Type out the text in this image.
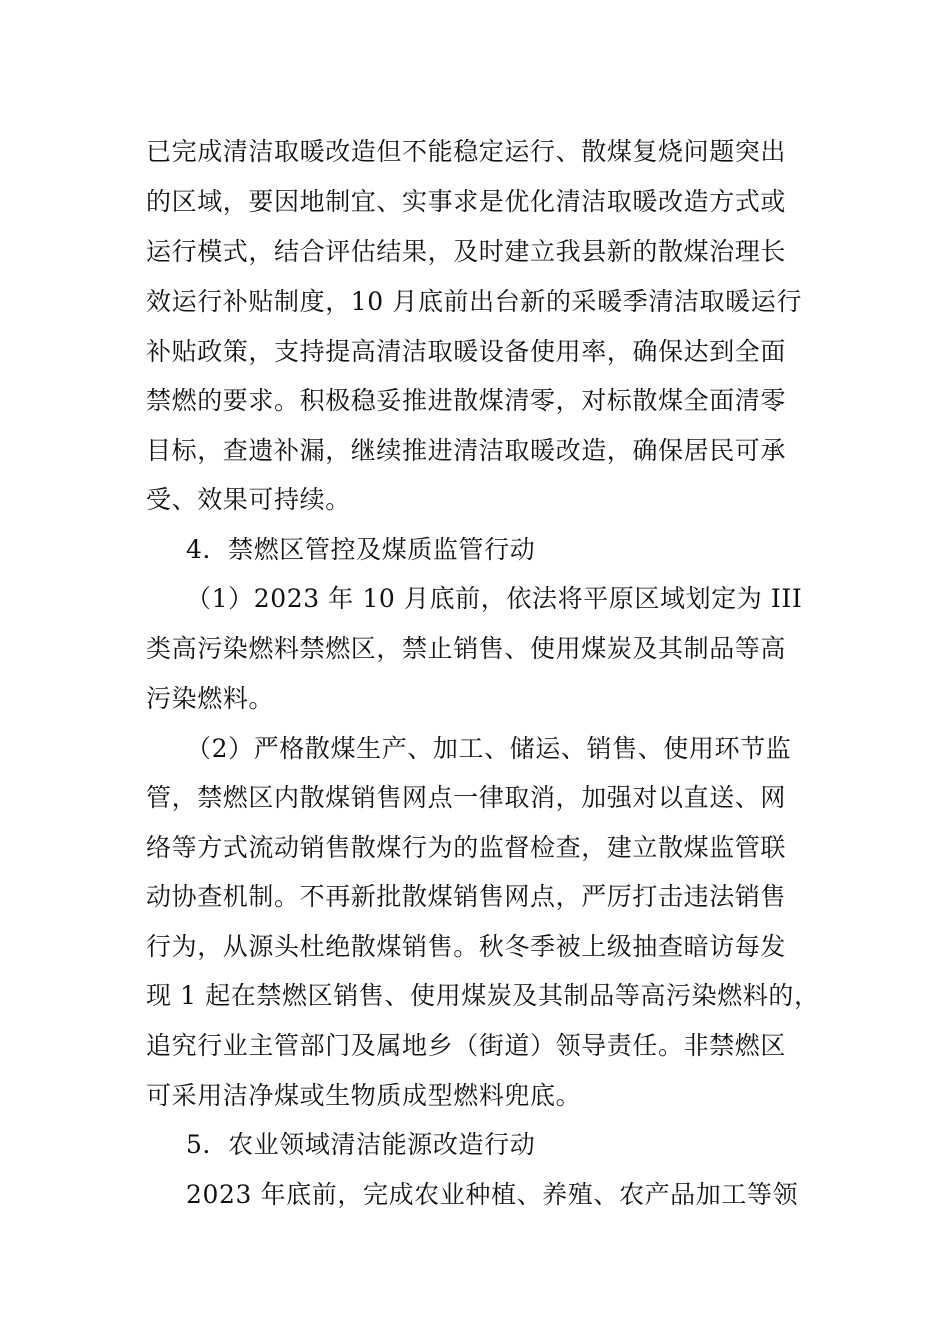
已完成清洁取暖改造但不能稳定运行、散煤复烧问题突出
的区域，要因地制宜、实事求是优化清洁取暖改造方式或
运行模式，结合评估结果，及时建立我县新的散煤治理长
效运行补贴制度，10 月底前出台新的采暖季清洁取暖运行
补贴政策，支持提高清洁取暖设备使用率，确保达到全面
禁燃的要求。积极稳妥推进散煤清零，对标散煤全面清零
目标，查遗补漏，继续推进清洁取暖改造，确保居民可承
受、效果可持续。
4．禁燃区管控及煤质监管行动
（1）2023 年 10 月底前，依法将平原区域划定为 III
类高污染燃料禁燃区，禁止销售、使用煤炭及其制品等高
污染燃料。
（2）严格散煤生产、加工、储运、销售、使用环节监
管，禁燃区内散煤销售网点一律取消，加强对以直送、网
络等方式流动销售散煤行为的监督检查，建立散煤监管联
动协查机制。不再新批散煤销售网点，严厉打击违法销售
行为，从源头杜绝散煤销售。秋冬季被上级抽查暗访每发
现 1 起在禁燃区销售、使用煤炭及其制品等高污染燃料的，
追究行业主管部门及属地乡（街道）领导责任。非禁燃区
可采用洁净煤或生物质成型燃料兜底。
5．农业领域清洁能源改造行动
2023 年底前，完成农业种植、养殖、农产品加工等领
